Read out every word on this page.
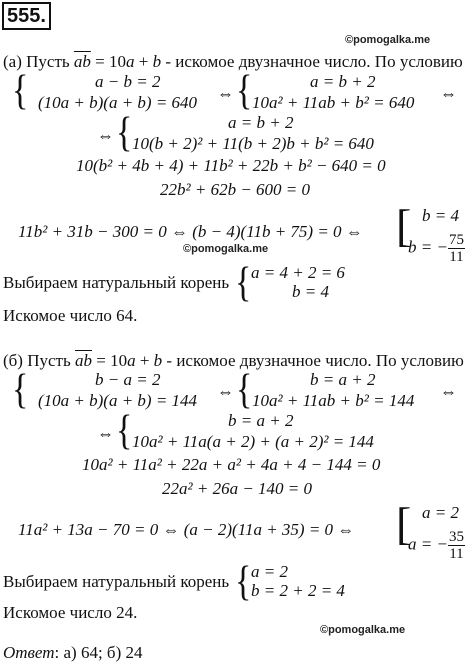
555.
©pomogalka.me
(а) Пусть $\overline{ab} = 10a + b$ - искомое двузначное число. По условию
{	a − b = 2
(10a + b)(a + b) = 640 ⇔ {	a = b + 2
10a² + 11ab + b² = 640 ⇔
⇔ {	a = b + 2
10(b + 2)² + 11(b + 2)b + b² = 640
10(b² + 4b + 4) + 11b² + 22b + b² − 640 = 0
22b² + 62b − 600 = 0
11b² + 31b − 300 = 0 ⇔ (b − 4)(11b + 75) = 0 ⇔ [ b = 4
b = − $\frac{75}{11}$
©pomogalka.me
Выбираем натуральный корень { a = 4 + 2 = 6
b = 4
Искомое число 64.
(б) Пусть $\overline{ab} = 10a + b$ - искомое двузначное число. По условию
{	b − a = 2
(10a + b)(a + b) = 144 ⇔ {	b = a + 2
10a² + 11ab + b² = 144 ⇔
⇔ {	b = a + 2
10a² + 11a(a + 2) + (a + 2)² = 144
10a² + 11a² + 22a + a² + 4a + 4 − 144 = 0
22a² + 26a − 140 = 0
11a² + 13a − 70 = 0 ⇔ (a − 2)(11a + 35) = 0 ⇔ [ a = 2
a = − $\frac{35}{11}$
Выбираем натуральный корень { a = 2
b = 2 + 2 = 4
Искомое число 24.
©pomogalka.me
Ответ: а) 64; б) 24
